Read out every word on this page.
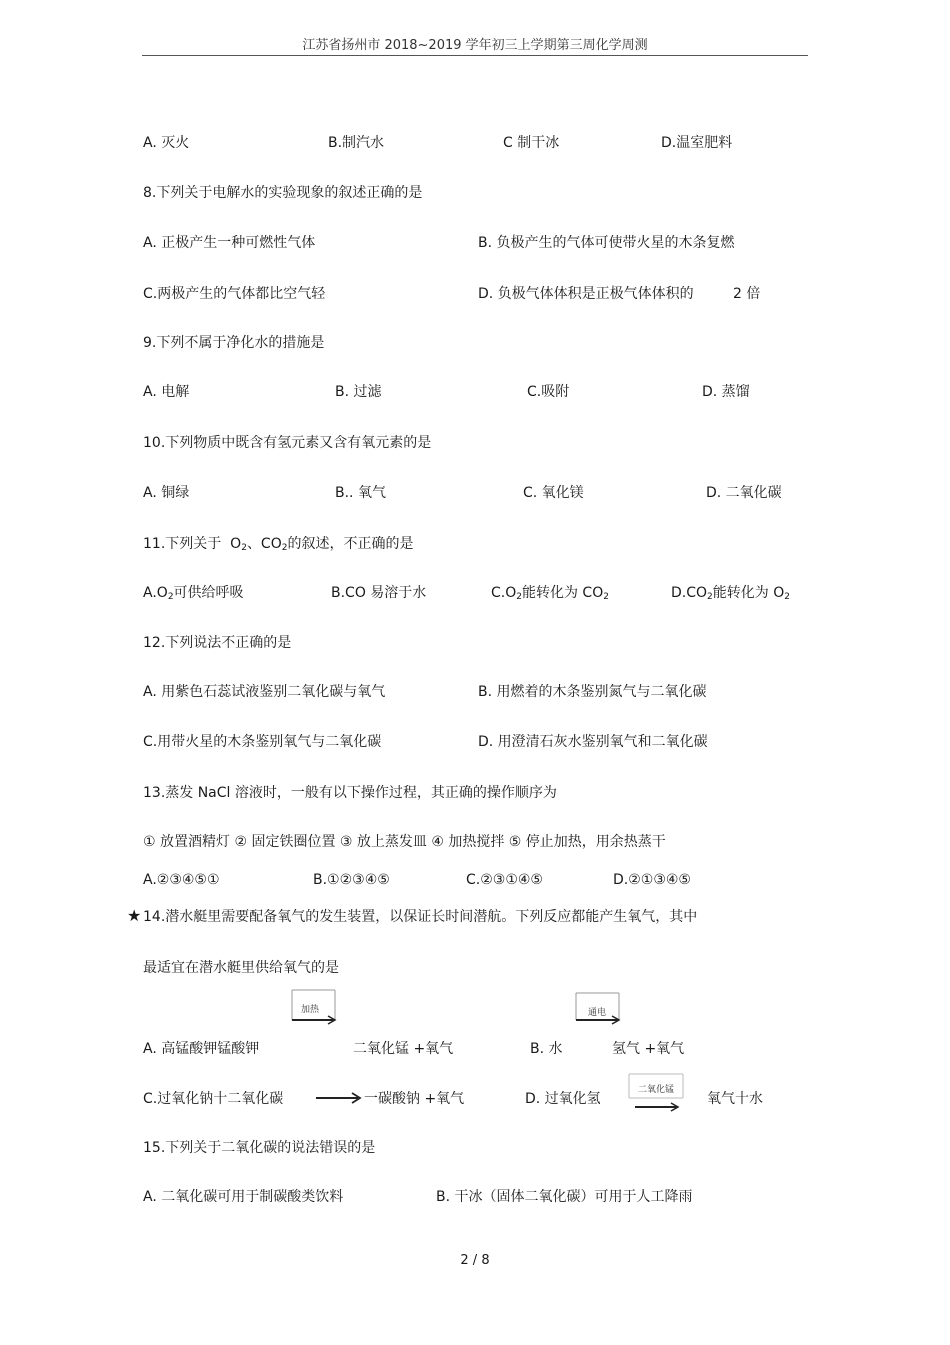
江苏省扬州市 2018~2019 学年初三上学期第三周化学周测
A. 灭火	B.制汽水	C 制干冰	D.温室肥料
8.下列关于电解水的实验现象的叙述正确的是
A. 正极产生一种可燃性气体	B. 负极产生的气体可使带火星的木条复燃
C.两极产生的气体都比空气轻	D. 负极气体体积是正极气体体积的	2 倍
9.下列不属于净化水的措施是
A. 电解	B. 过滤	C.吸附	D. 蒸馏
10.下列物质中既含有氢元素又含有氧元素的是
A. 铜绿	B.. 氧气	C. 氧化镁	D. 二氧化碳
11.下列关于 $O_2$、$CO_2$的叙述，不正确的是
$A.O_2$可供给呼吸	B.CO 易溶于水	$C.O_2$能转化为 $CO_2$	$D.CO_2$能转化为 $O_2$
12.下列说法不正确的是
A. 用紫色石蕊试液鉴别二氧化碳与氧气	B. 用燃着的木条鉴别氮气与二氧化碳
C.用带火星的木条鉴别氧气与二氧化碳	D. 用澄清石灰水鉴别氧气和二氧化碳
13.蒸发 NaCl 溶液时，一般有以下操作过程，其正确的操作顺序为
① 放置酒精灯 ② 固定铁圈位置 ③ 放上蒸发皿 ④ 加热搅拌 ⑤ 停止加热，用余热蒸干
A.②③④⑤①	B.①②③④⑤	C.②③①④⑤	D.②①③④⑤
★ 14.潜水艇里需要配备氧气的发生装置，以保证长时间潜航。下列反应都能产生氧气，其中
最适宜在潜水艇里供给氧气的是
A. 高锰酸钾锰酸钾
加热
二氧化锰 +氧气	B. 水
通电
氢气 +氧气
C.过氧化钠十二氧化碳	一碳酸钠 +氧气	D. 过氧化氢
二氧化锰
氧气十水
15.下列关于二氧化碳的说法错误的是
A. 二氧化碳可用于制碳酸类饮料	B. 干冰（固体二氧化碳）可用于人工降雨
2 / 8
